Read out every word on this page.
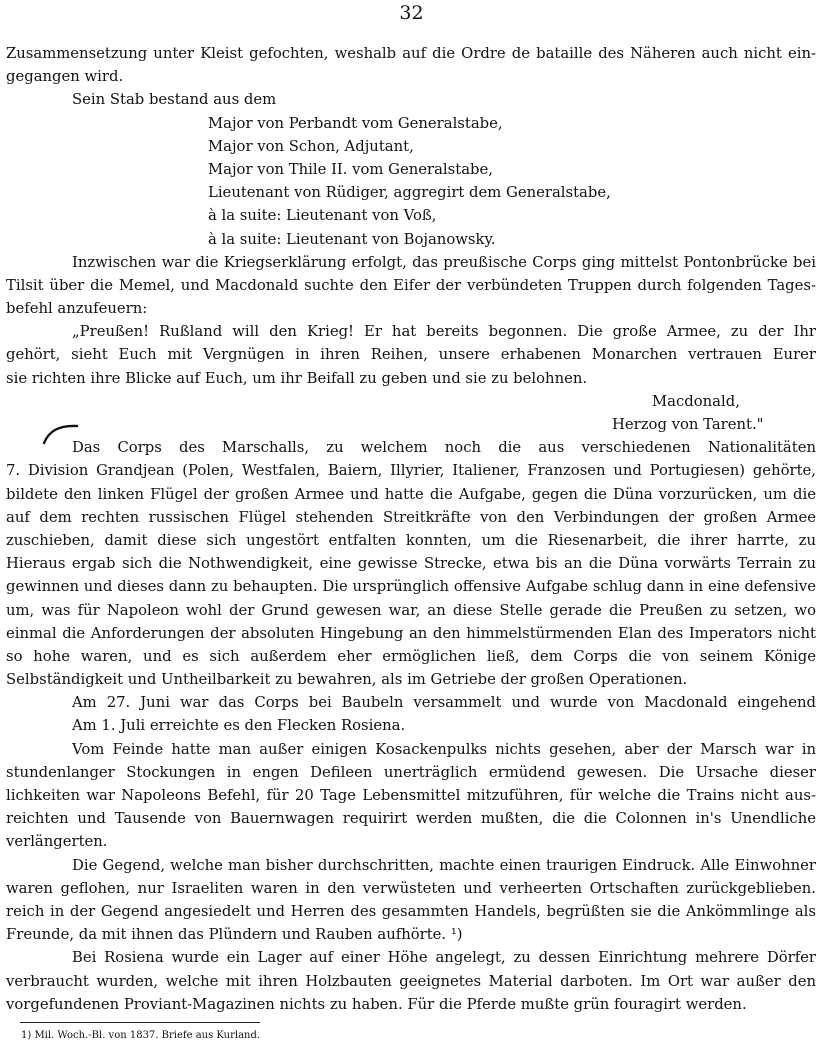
32
Zusammensetzung unter Kleist gefochten, weshalb auf die Ordre de bataille des Näheren auch nicht ein-
gegangen wird.
Sein Stab bestand aus dem
Major von Perbandt vom Generalstabe,
Major von Schon, Adjutant,
Major von Thile II. vom Generalstabe,
Lieutenant von Rüdiger, aggregirt dem Generalstabe,
à la suite: Lieutenant von Voß,
à la suite: Lieutenant von Bojanowsky.
Inzwischen war die Kriegserklärung erfolgt, das preußische Corps ging mittelst Pontonbrücke bei
Tilsit über die Memel, und Macdonald suchte den Eifer der verbündeten Truppen durch folgenden Tages-
befehl anzufeuern:
„Preußen! Rußland will den Krieg! Er hat bereits begonnen. Die große Armee, zu der Ihr
gehört, sieht Euch mit Vergnügen in ihren Reihen, unsere erhabenen Monarchen vertrauen Eurer
sie richten ihre Blicke auf Euch, um ihr Beifall zu geben und sie zu belohnen.
Macdonald,
Herzog von Tarent."
Das Corps des Marschalls, zu welchem noch die aus verschiedenen Nationalitäten
7. Division Grandjean (Polen, Westfalen, Baiern, Illyrier, Italiener, Franzosen und Portugiesen) gehörte,
bildete den linken Flügel der großen Armee und hatte die Aufgabe, gegen die Düna vorzurücken, um die
auf dem rechten russischen Flügel stehenden Streitkräfte von den Verbindungen der großen Armee
zuschieben, damit diese sich ungestört entfalten konnten, um die Riesenarbeit, die ihrer harrte, zu
Hieraus ergab sich die Nothwendigkeit, eine gewisse Strecke, etwa bis an die Düna vorwärts Terrain zu
gewinnen und dieses dann zu behaupten. Die ursprünglich offensive Aufgabe schlug dann in eine defensive
um, was für Napoleon wohl der Grund gewesen war, an diese Stelle gerade die Preußen zu setzen, wo
einmal die Anforderungen der absoluten Hingebung an den himmelstürmenden Elan des Imperators nicht
so hohe waren, und es sich außerdem eher ermöglichen ließ, dem Corps die von seinem Könige
Selbständigkeit und Untheilbarkeit zu bewahren, als im Getriebe der großen Operationen.
Am 27. Juni war das Corps bei Baubeln versammelt und wurde von Macdonald eingehend
Am 1. Juli erreichte es den Flecken Rosiena.
Vom Feinde hatte man außer einigen Kosackenpulks nichts gesehen, aber der Marsch war in
stundenlanger Stockungen in engen Defileen unerträglich ermüdend gewesen. Die Ursache dieser
lichkeiten war Napoleons Befehl, für 20 Tage Lebensmittel mitzuführen, für welche die Trains nicht aus-
reichten und Tausende von Bauernwagen requirirt werden mußten, die die Colonnen in's Unendliche
verlängerten.
Die Gegend, welche man bisher durchschritten, machte einen traurigen Eindruck. Alle Einwohner
waren geflohen, nur Israeliten waren in den verwüsteten und verheerten Ortschaften zurückgeblieben.
reich in der Gegend angesiedelt und Herren des gesammten Handels, begrüßten sie die Ankömmlinge als
Freunde, da mit ihnen das Plündern und Rauben aufhörte. ¹)
Bei Rosiena wurde ein Lager auf einer Höhe angelegt, zu dessen Einrichtung mehrere Dörfer
verbraucht wurden, welche mit ihren Holzbauten geeignetes Material darboten. Im Ort war außer den
vorgefundenen Proviant-Magazinen nichts zu haben. Für die Pferde mußte grün fouragirt werden.
1) Mil. Woch.-Bl. von 1837. Briefe aus Kurland.
